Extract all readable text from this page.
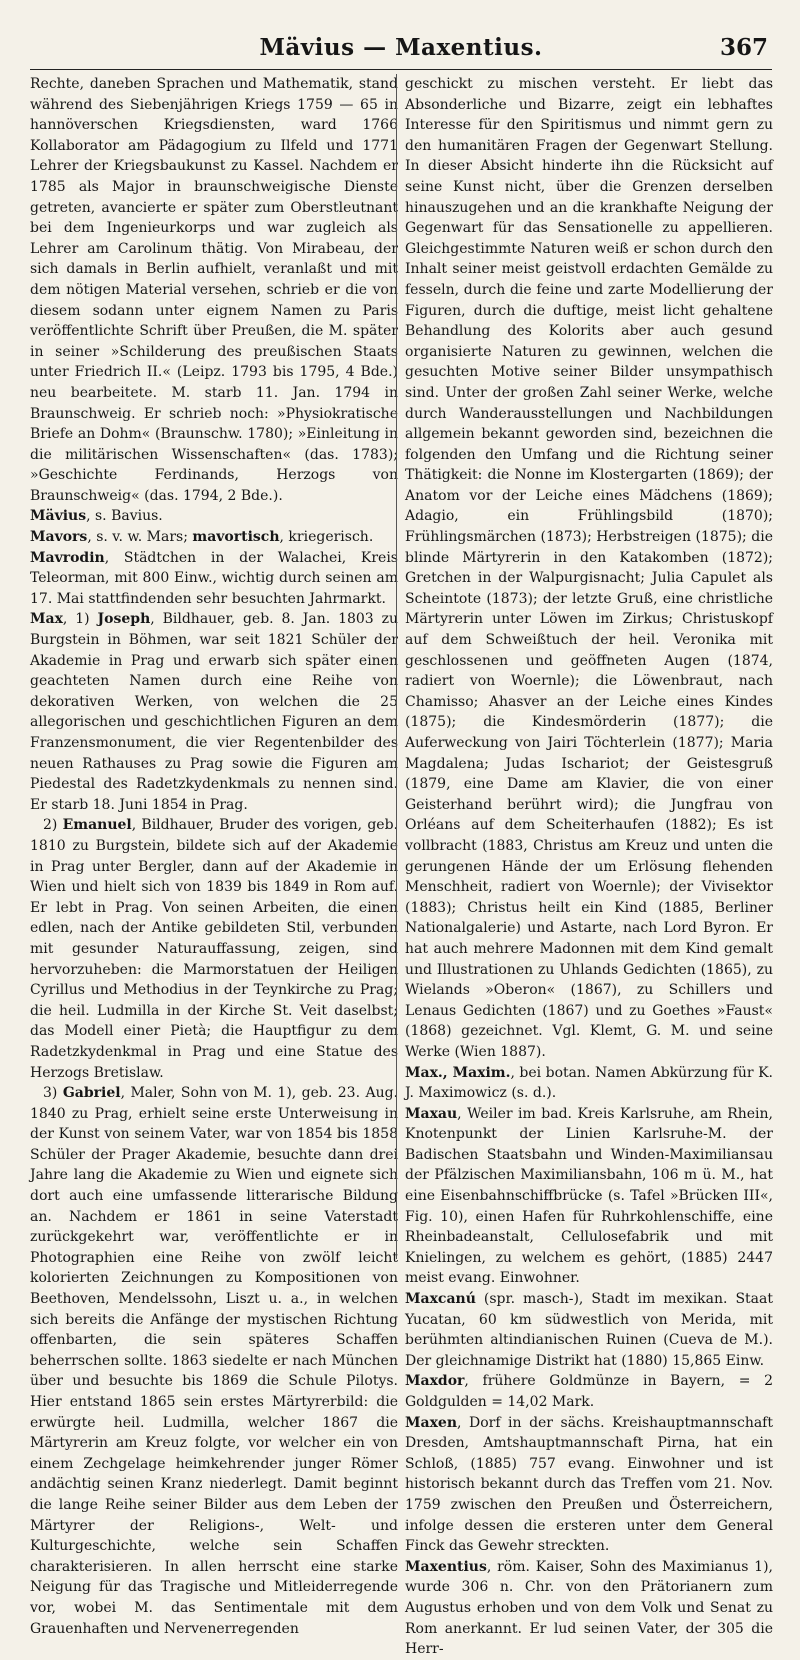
Mävius — Maxentius.	367

Rechte, daneben Sprachen und Mathematik, stand während des Siebenjährigen Kriegs 1759 — 65 in hannöverschen Kriegsdiensten, ward 1766 Kollaborator am Pädagogium zu Ilfeld und 1771 Lehrer der Kriegsbaukunst zu Kassel. Nachdem er 1785 als Major in braunschweigische Dienste getreten, avancierte er später zum Oberstleutnant bei dem Ingenieurkorps und war zugleich als Lehrer am Carolinum thätig. Von Mirabeau, der sich damals in Berlin aufhielt, veranlaßt und mit dem nötigen Material versehen, schrieb er die von diesem sodann unter eignem Namen zu Paris veröffentlichte Schrift über Preußen, die M. später in seiner »Schilderung des preußischen Staats unter Friedrich II.« (Leipz. 1793 bis 1795, 4 Bde.) neu bearbeitete. M. starb 11. Jan. 1794 in Braunschweig. Er schrieb noch: »Physiokratische Briefe an Dohm« (Braunschw. 1780); »Einleitung in die militärischen Wissenschaften« (das. 1783); »Geschichte Ferdinands, Herzogs von Braunschweig« (das. 1794, 2 Bde.).

Mävius, s. Bavius.

Mavors, s. v. w. Mars; mavortisch, kriegerisch.

Mavrodin, Städtchen in der Walachei, Kreis Teleorman, mit 800 Einw., wichtig durch seinen am 17. Mai stattfindenden sehr besuchten Jahrmarkt.

Max, 1) Joseph, Bildhauer, geb. 8. Jan. 1803 zu Burgstein in Böhmen, war seit 1821 Schüler der Akademie in Prag und erwarb sich später einen geachteten Namen durch eine Reihe von dekorativen Werken, von welchen die 25 allegorischen und geschichtlichen Figuren an dem Franzensmonument, die vier Regentenbilder des neuen Rathauses zu Prag sowie die Figuren am Piedestal des Radetzkydenkmals zu nennen sind. Er starb 18. Juni 1854 in Prag.

2) Emanuel, Bildhauer, Bruder des vorigen, geb. 1810 zu Burgstein, bildete sich auf der Akademie in Prag unter Bergler, dann auf der Akademie in Wien und hielt sich von 1839 bis 1849 in Rom auf. Er lebt in Prag. Von seinen Arbeiten, die einen edlen, nach der Antike gebildeten Stil, verbunden mit gesunder Naturauffassung, zeigen, sind hervorzuheben: die Marmorstatuen der Heiligen Cyrillus und Methodius in der Teynkirche zu Prag; die heil. Ludmilla in der Kirche St. Veit daselbst; das Modell einer Pietà; die Hauptfigur zu dem Radetzkydenkmal in Prag und eine Statue des Herzogs Bretislaw.

3) Gabriel, Maler, Sohn von M. 1), geb. 23. Aug. 1840 zu Prag, erhielt seine erste Unterweisung in der Kunst von seinem Vater, war von 1854 bis 1858 Schüler der Prager Akademie, besuchte dann drei Jahre lang die Akademie zu Wien und eignete sich dort auch eine umfassende litterarische Bildung an. Nachdem er 1861 in seine Vaterstadt zurückgekehrt war, veröffentlichte er in Photographien eine Reihe von zwölf leicht kolorierten Zeichnungen zu Kompositionen von Beethoven, Mendelssohn, Liszt u. a., in welchen sich bereits die Anfänge der mystischen Richtung offenbarten, die sein späteres Schaffen beherrschen sollte. 1863 siedelte er nach München über und besuchte bis 1869 die Schule Pilotys. Hier entstand 1865 sein erstes Märtyrerbild: die erwürgte heil. Ludmilla, welcher 1867 die Märtyrerin am Kreuz folgte, vor welcher ein von einem Zechgelage heimkehrender junger Römer andächtig seinen Kranz niederlegt. Damit beginnt die lange Reihe seiner Bilder aus dem Leben der Märtyrer der Religions-, Welt- und Kulturgeschichte, welche sein Schaffen charakterisieren. In allen herrscht eine starke Neigung für das Tragische und Mitleiderregende vor, wobei M. das Sentimentale mit dem Grauenhaften und Nervenerregenden

geschickt zu mischen versteht. Er liebt das Absonderliche und Bizarre, zeigt ein lebhaftes Interesse für den Spiritismus und nimmt gern zu den humanitären Fragen der Gegenwart Stellung. In dieser Absicht hinderte ihn die Rücksicht auf seine Kunst nicht, über die Grenzen derselben hinauszugehen und an die krankhafte Neigung der Gegenwart für das Sensationelle zu appellieren. Gleichgestimmte Naturen weiß er schon durch den Inhalt seiner meist geistvoll erdachten Gemälde zu fesseln, durch die feine und zarte Modellierung der Figuren, durch die duftige, meist licht gehaltene Behandlung des Kolorits aber auch gesund organisierte Naturen zu gewinnen, welchen die gesuchten Motive seiner Bilder unsympathisch sind. Unter der großen Zahl seiner Werke, welche durch Wanderausstellungen und Nachbildungen allgemein bekannt geworden sind, bezeichnen die folgenden den Umfang und die Richtung seiner Thätigkeit: die Nonne im Klostergarten (1869); der Anatom vor der Leiche eines Mädchens (1869); Adagio, ein Frühlingsbild (1870); Frühlingsmärchen (1873); Herbstreigen (1875); die blinde Märtyrerin in den Katakomben (1872); Gretchen in der Walpurgisnacht; Julia Capulet als Scheintote (1873); der letzte Gruß, eine christliche Märtyrerin unter Löwen im Zirkus; Christuskopf auf dem Schweißtuch der heil. Veronika mit geschlossenen und geöffneten Augen (1874, radiert von Woernle); die Löwenbraut, nach Chamisso; Ahasver an der Leiche eines Kindes (1875); die Kindesmörderin (1877); die Auferweckung von Jairi Töchterlein (1877); Maria Magdalena; Judas Ischariot; der Geistesgruß (1879, eine Dame am Klavier, die von einer Geisterhand berührt wird); die Jungfrau von Orléans auf dem Scheiterhaufen (1882); Es ist vollbracht (1883, Christus am Kreuz und unten die gerungenen Hände der um Erlösung flehenden Menschheit, radiert von Woernle); der Vivisektor (1883); Christus heilt ein Kind (1885, Berliner Nationalgalerie) und Astarte, nach Lord Byron. Er hat auch mehrere Madonnen mit dem Kind gemalt und Illustrationen zu Uhlands Gedichten (1865), zu Wielands »Oberon« (1867), zu Schillers und Lenaus Gedichten (1867) und zu Goethes »Faust« (1868) gezeichnet. Vgl. Klemt, G. M. und seine Werke (Wien 1887).

Max., Maxim., bei botan. Namen Abkürzung für K. J. Maximowicz (s. d.).

Maxau, Weiler im bad. Kreis Karlsruhe, am Rhein, Knotenpunkt der Linien Karlsruhe-M. der Badischen Staatsbahn und Winden-Maximiliansau der Pfälzischen Maximiliansbahn, 106 m ü. M., hat eine Eisenbahnschiffbrücke (s. Tafel »Brücken III«, Fig. 10), einen Hafen für Ruhrkohlenschiffe, eine Rheinbadeanstalt, Cellulosefabrik und mit Knielingen, zu welchem es gehört, (1885) 2447 meist evang. Einwohner.

Maxcanú (spr. masch-), Stadt im mexikan. Staat Yucatan, 60 km südwestlich von Merida, mit berühmten altindianischen Ruinen (Cueva de M.). Der gleichnamige Distrikt hat (1880) 15,865 Einw.

Maxdor, frühere Goldmünze in Bayern, = 2 Goldgulden = 14,02 Mark.

Maxen, Dorf in der sächs. Kreishauptmannschaft Dresden, Amtshauptmannschaft Pirna, hat ein Schloß, (1885) 757 evang. Einwohner und ist historisch bekannt durch das Treffen vom 21. Nov. 1759 zwischen den Preußen und Österreichern, infolge dessen die ersteren unter dem General Finck das Gewehr streckten.

Maxentius, röm. Kaiser, Sohn des Maximianus 1), wurde 306 n. Chr. von den Prätorianern zum Augustus erhoben und von dem Volk und Senat zu Rom anerkannt. Er lud seinen Vater, der 305 die Herr-
